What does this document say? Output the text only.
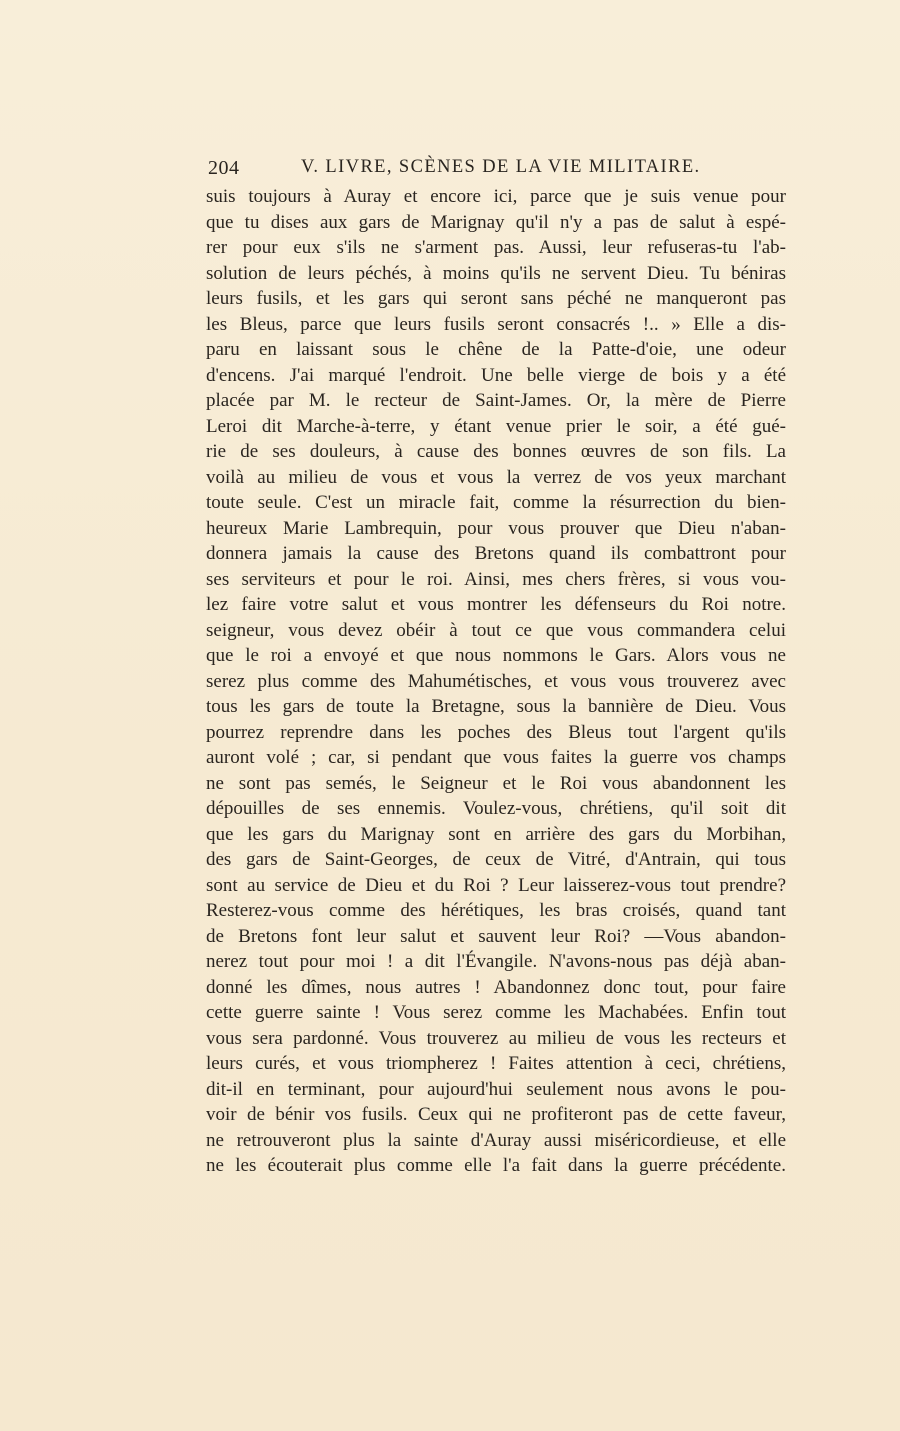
204	V. LIVRE, SCÈNES DE LA VIE MILITAIRE.
suis toujours à Auray et encore ici, parce que je suis venue pour
que tu dises aux gars de Marignay qu'il n'y a pas de salut à espé-
rer pour eux s'ils ne s'arment pas. Aussi, leur refuseras-tu l'ab-
solution de leurs péchés, à moins qu'ils ne servent Dieu. Tu béniras
leurs fusils, et les gars qui seront sans péché ne manqueront pas
les Bleus, parce que leurs fusils seront consacrés !.. » Elle a dis-
paru en laissant sous le chêne de la Patte-d'oie, une odeur
d'encens. J'ai marqué l'endroit. Une belle vierge de bois y a été
placée par M. le recteur de Saint-James. Or, la mère de Pierre
Leroi dit Marche-à-terre, y étant venue prier le soir, a été gué-
rie de ses douleurs, à cause des bonnes œuvres de son fils. La
voilà au milieu de vous et vous la verrez de vos yeux marchant
toute seule. C'est un miracle fait, comme la résurrection du bien-
heureux Marie Lambrequin, pour vous prouver que Dieu n'aban-
donnera jamais la cause des Bretons quand ils combattront pour
ses serviteurs et pour le roi. Ainsi, mes chers frères, si vous vou-
lez faire votre salut et vous montrer les défenseurs du Roi notre.
seigneur, vous devez obéir à tout ce que vous commandera celui
que le roi a envoyé et que nous nommons le Gars. Alors vous ne
serez plus comme des Mahumétisches, et vous vous trouverez avec
tous les gars de toute la Bretagne, sous la bannière de Dieu. Vous
pourrez reprendre dans les poches des Bleus tout l'argent qu'ils
auront volé ; car, si pendant que vous faites la guerre vos champs
ne sont pas semés, le Seigneur et le Roi vous abandonnent les
dépouilles de ses ennemis. Voulez-vous, chrétiens, qu'il soit dit
que les gars du Marignay sont en arrière des gars du Morbihan,
des gars de Saint-Georges, de ceux de Vitré, d'Antrain, qui tous
sont au service de Dieu et du Roi ? Leur laisserez-vous tout prendre?
Resterez-vous comme des hérétiques, les bras croisés, quand tant
de Bretons font leur salut et sauvent leur Roi? —Vous abandon-
nerez tout pour moi ! a dit l'Évangile. N'avons-nous pas déjà aban-
donné les dîmes, nous autres ! Abandonnez donc tout, pour faire
cette guerre sainte ! Vous serez comme les Machabées. Enfin tout
vous sera pardonné. Vous trouverez au milieu de vous les recteurs et
leurs curés, et vous triompherez ! Faites attention à ceci, chrétiens,
dit-il en terminant, pour aujourd'hui seulement nous avons le pou-
voir de bénir vos fusils. Ceux qui ne profiteront pas de cette faveur,
ne retrouveront plus la sainte d'Auray aussi miséricordieuse, et elle
ne les écouterait plus comme elle l'a fait dans la guerre précédente.
